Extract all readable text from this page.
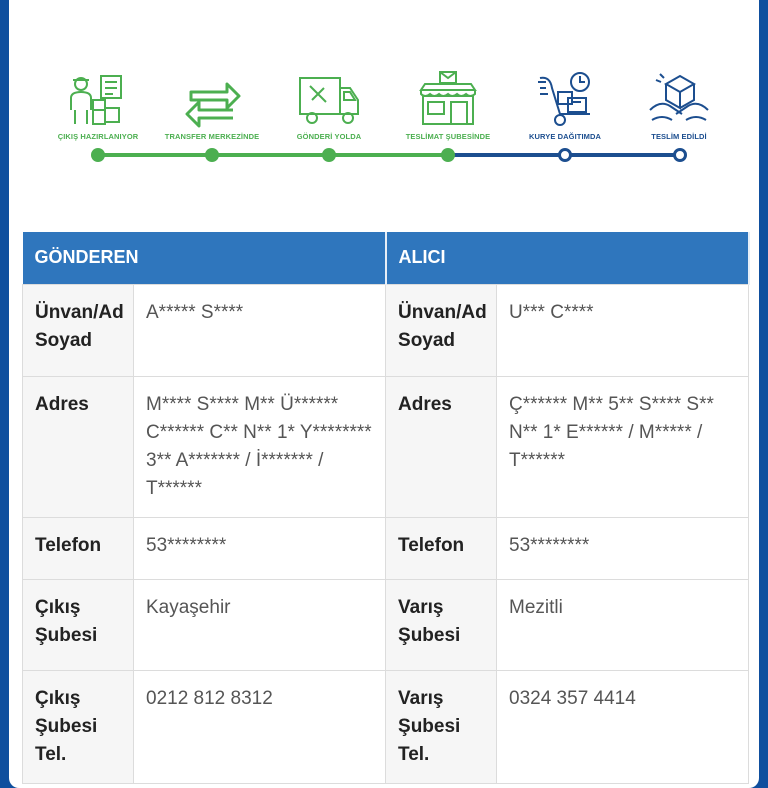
ÇIKIŞ HAZIRLANIYOR	TRANSFER MERKEZİNDE	GÖNDERİ YOLDA	TESLİMAT ŞUBESİNDE	KURYE DAĞITIMDA	TESLİM EDİLDİ
GÖNDEREN		ALICI	
Ünvan/Ad Soyad	A***** S****	Ünvan/Ad Soyad	U*** C****
Adres	M**** S**** M** Ü****** C****** C** N** 1* Y******** 3** A******* / İ******* / T******	Adres	Ç****** M** 5** S**** S** N** 1* E****** / M***** / T******
Telefon	53********	Telefon	53********
Çıkış Şubesi	Kayaşehir	Varış Şubesi	Mezitli
Çıkış Şubesi Tel.	0212 812 8312	Varış Şubesi Tel.	0324 357 4414
